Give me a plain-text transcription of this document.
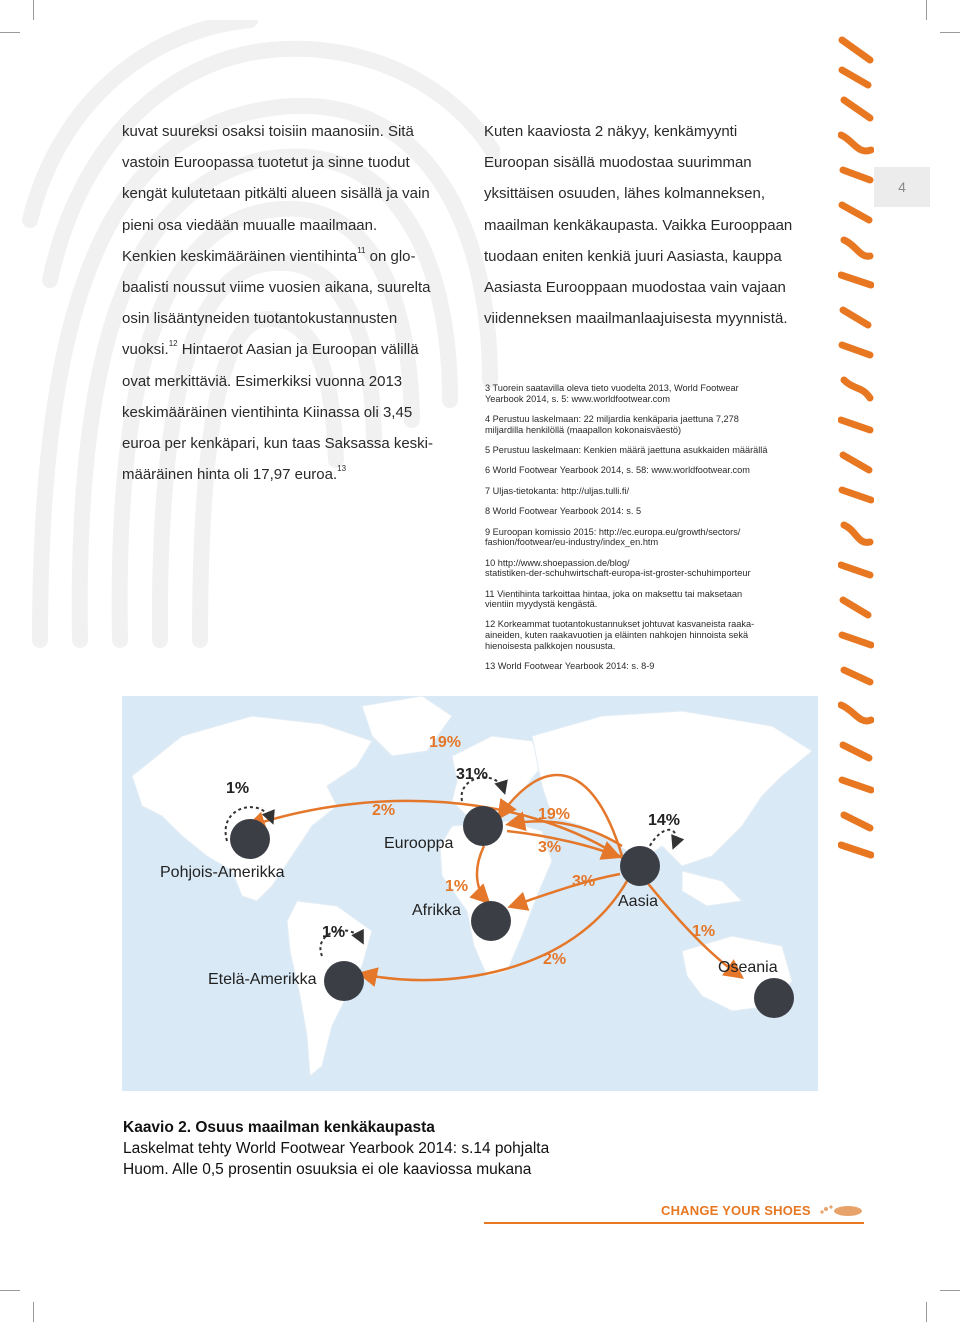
4

kuvat suureksi osaksi toisiin maanosiin. Sitä

vastoin Euroopassa tuotetut ja sinne tuodut

kengät kulutetaan pitkälti alueen sisällä ja vain

pieni osa viedään muualle maailmaan.

Kenkien keskimääräinen vientihinta$^{11}$ on glo-

baalisti noussut viime vuosien aikana, suurelta

osin lisääntyneiden tuotantokustannusten

vuoksi.$^{12}$ Hintaerot Aasian ja Euroopan välillä

ovat merkittäviä. Esimerkiksi vuonna 2013

keskimääräinen vientihinta Kiinassa oli 3,45

euroa per kenkäpari, kun taas Saksassa keski-

määräinen hinta oli 17,97 euroa.$^{13}$

Kuten kaaviosta 2 näkyy, kenkämyynti

Euroopan sisällä muodostaa suurimman

yksittäisen osuuden, lähes kolmanneksen,

maailman kenkäkaupasta. Vaikka Eurooppaan

tuodaan eniten kenkiä juuri Aasiasta, kauppa

Aasiasta Eurooppaan muodostaa vain vajaan

viidenneksen maailmanlaajuisesta myynnistä.

3 Tuorein saatavilla oleva tieto vuodelta 2013, World Footwear
Yearbook 2014, s. 5: www.worldfootwear.com

4 Perustuu laskelmaan: 22 miljardia kenkäparia jaettuna 7,278
miljardilla henkilöllä (maapallon kokonaisväestö)

5 Perustuu laskelmaan: Kenkien määrä jaettuna asukkaiden määrällä

6 World Footwear Yearbook 2014, s. 58: www.worldfootwear.com

7 Uljas-tietokanta: http://uljas.tulli.fi/

8 World Footwear Yearbook 2014: s. 5

9 Euroopan komissio 2015: http://ec.europa.eu/growth/sectors/
fashion/footwear/eu-industry/index_en.htm

10 http://www.shoepassion.de/blog/
statistiken-der-schuhwirtschaft-europa-ist-groster-schuhimporteur

11 Vientihinta tarkoittaa hintaa, joka on maksettu tai maksetaan
vientiin myydystä kengästä.

12 Korkeammat tuotantokustannukset johtuvat kasvaneista raaka-
aineiden, kuten raakavuotien ja eläinten nahkojen hinnoista sekä
hienoisesta palkkojen noususta.

13 World Footwear Yearbook 2014: s. 8-9

19%
31%
1%
2%	19%
3%
14%
3%
1%
1%
2%
1%
Pohjois-Amerikka
Etelä-Amerikka
Eurooppa
Afrikka
Aasia
Oseania
Kaavio 2. Osuus maailman kenkäkaupasta
Laskelmat tehty World Footwear Yearbook 2014: s.14 pohjalta
Huom. Alle 0,5 prosentin osuuksia ei ole kaaviossa mukana
CHANGE YOUR SHOES
